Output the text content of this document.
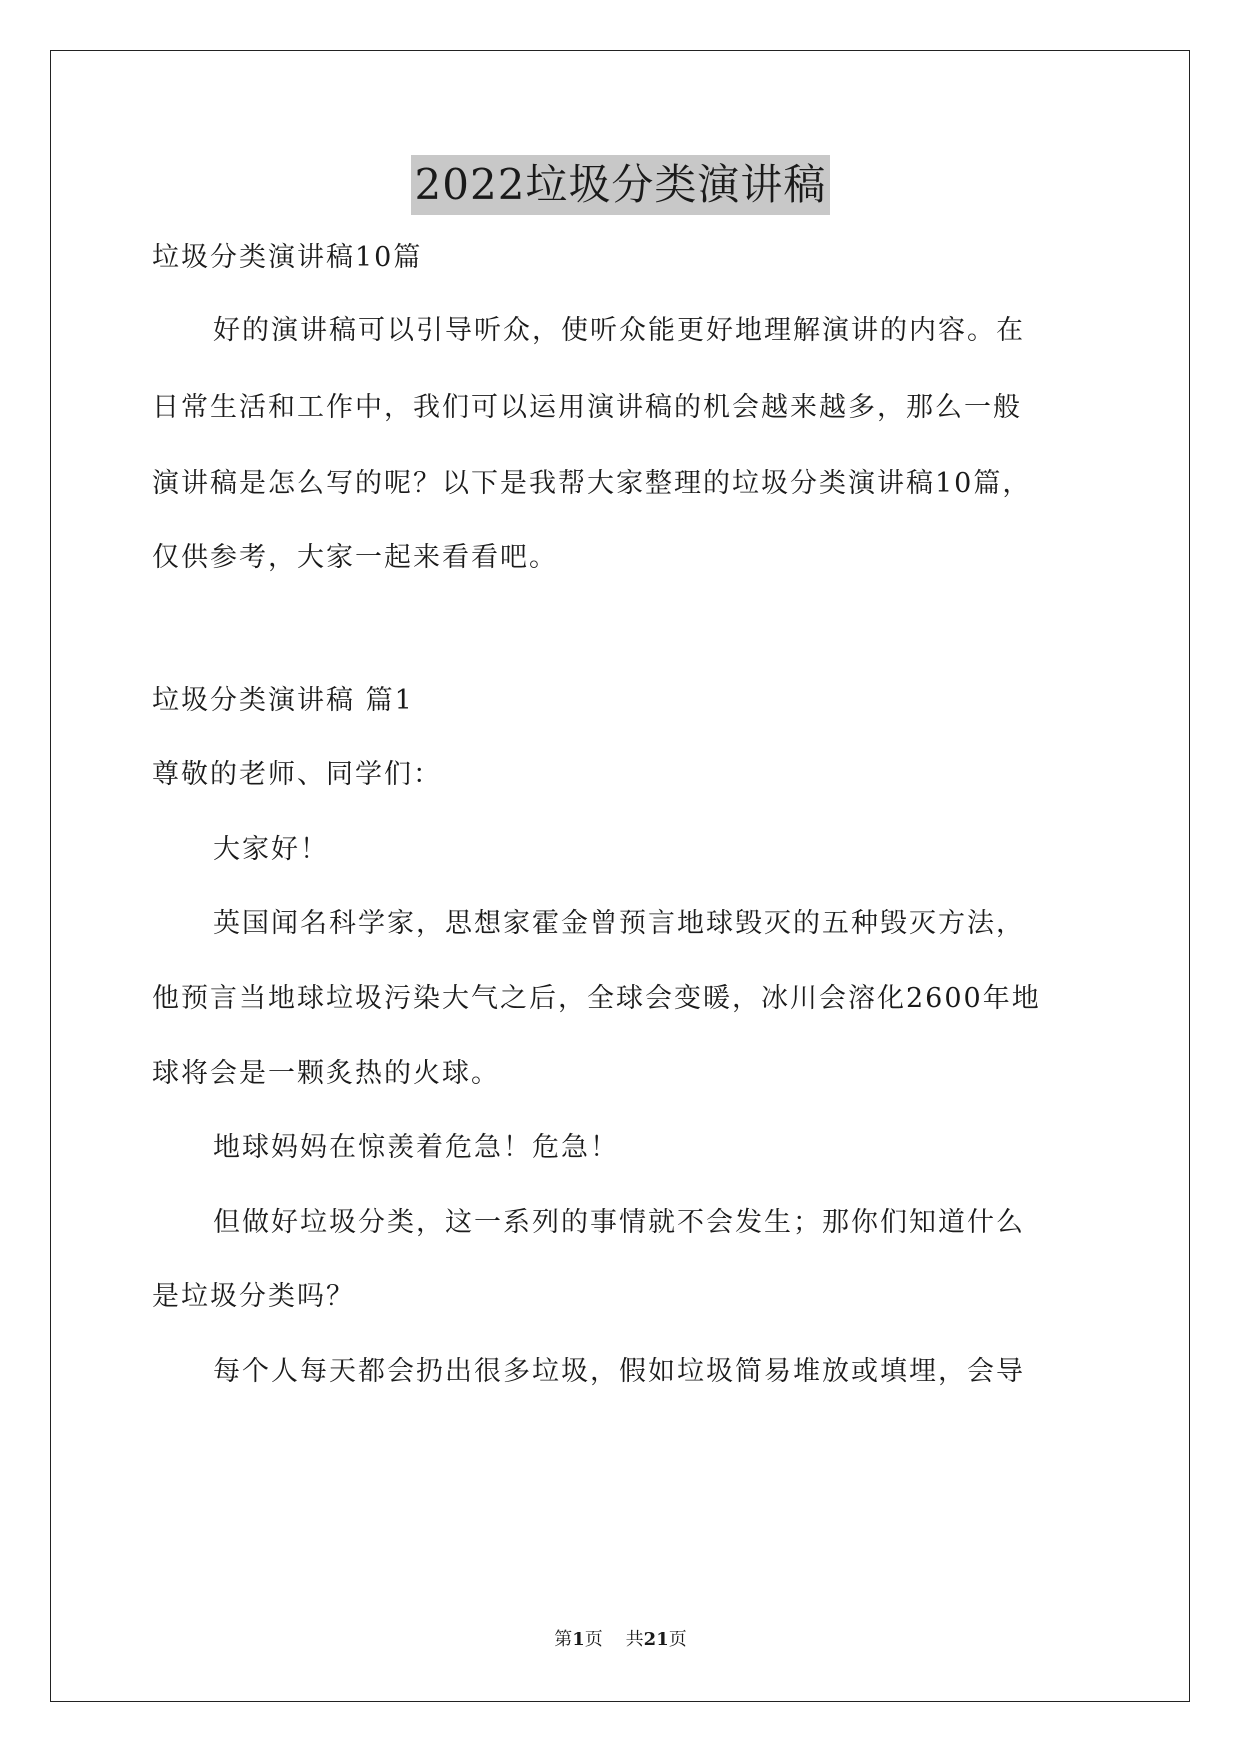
2022垃圾分类演讲稿
垃圾分类演讲稿10篇
好的演讲稿可以引导听众，使听众能更好地理解演讲的内容。在
日常生活和工作中，我们可以运用演讲稿的机会越来越多，那么一般
演讲稿是怎么写的呢？以下是我帮大家整理的垃圾分类演讲稿10篇，
仅供参考，大家一起来看看吧。
垃圾分类演讲稿 篇1
尊敬的老师、同学们：
大家好！
英国闻名科学家，思想家霍金曾预言地球毁灭的五种毁灭方法，
他预言当地球垃圾污染大气之后，全球会变暖，冰川会溶化2600年地
球将会是一颗炙热的火球。
地球妈妈在惊羡着危急！危急！
但做好垃圾分类，这一系列的事情就不会发生；那你们知道什么
是垃圾分类吗？
每个人每天都会扔出很多垃圾，假如垃圾简易堆放或填埋，会导
第1页 共21页
